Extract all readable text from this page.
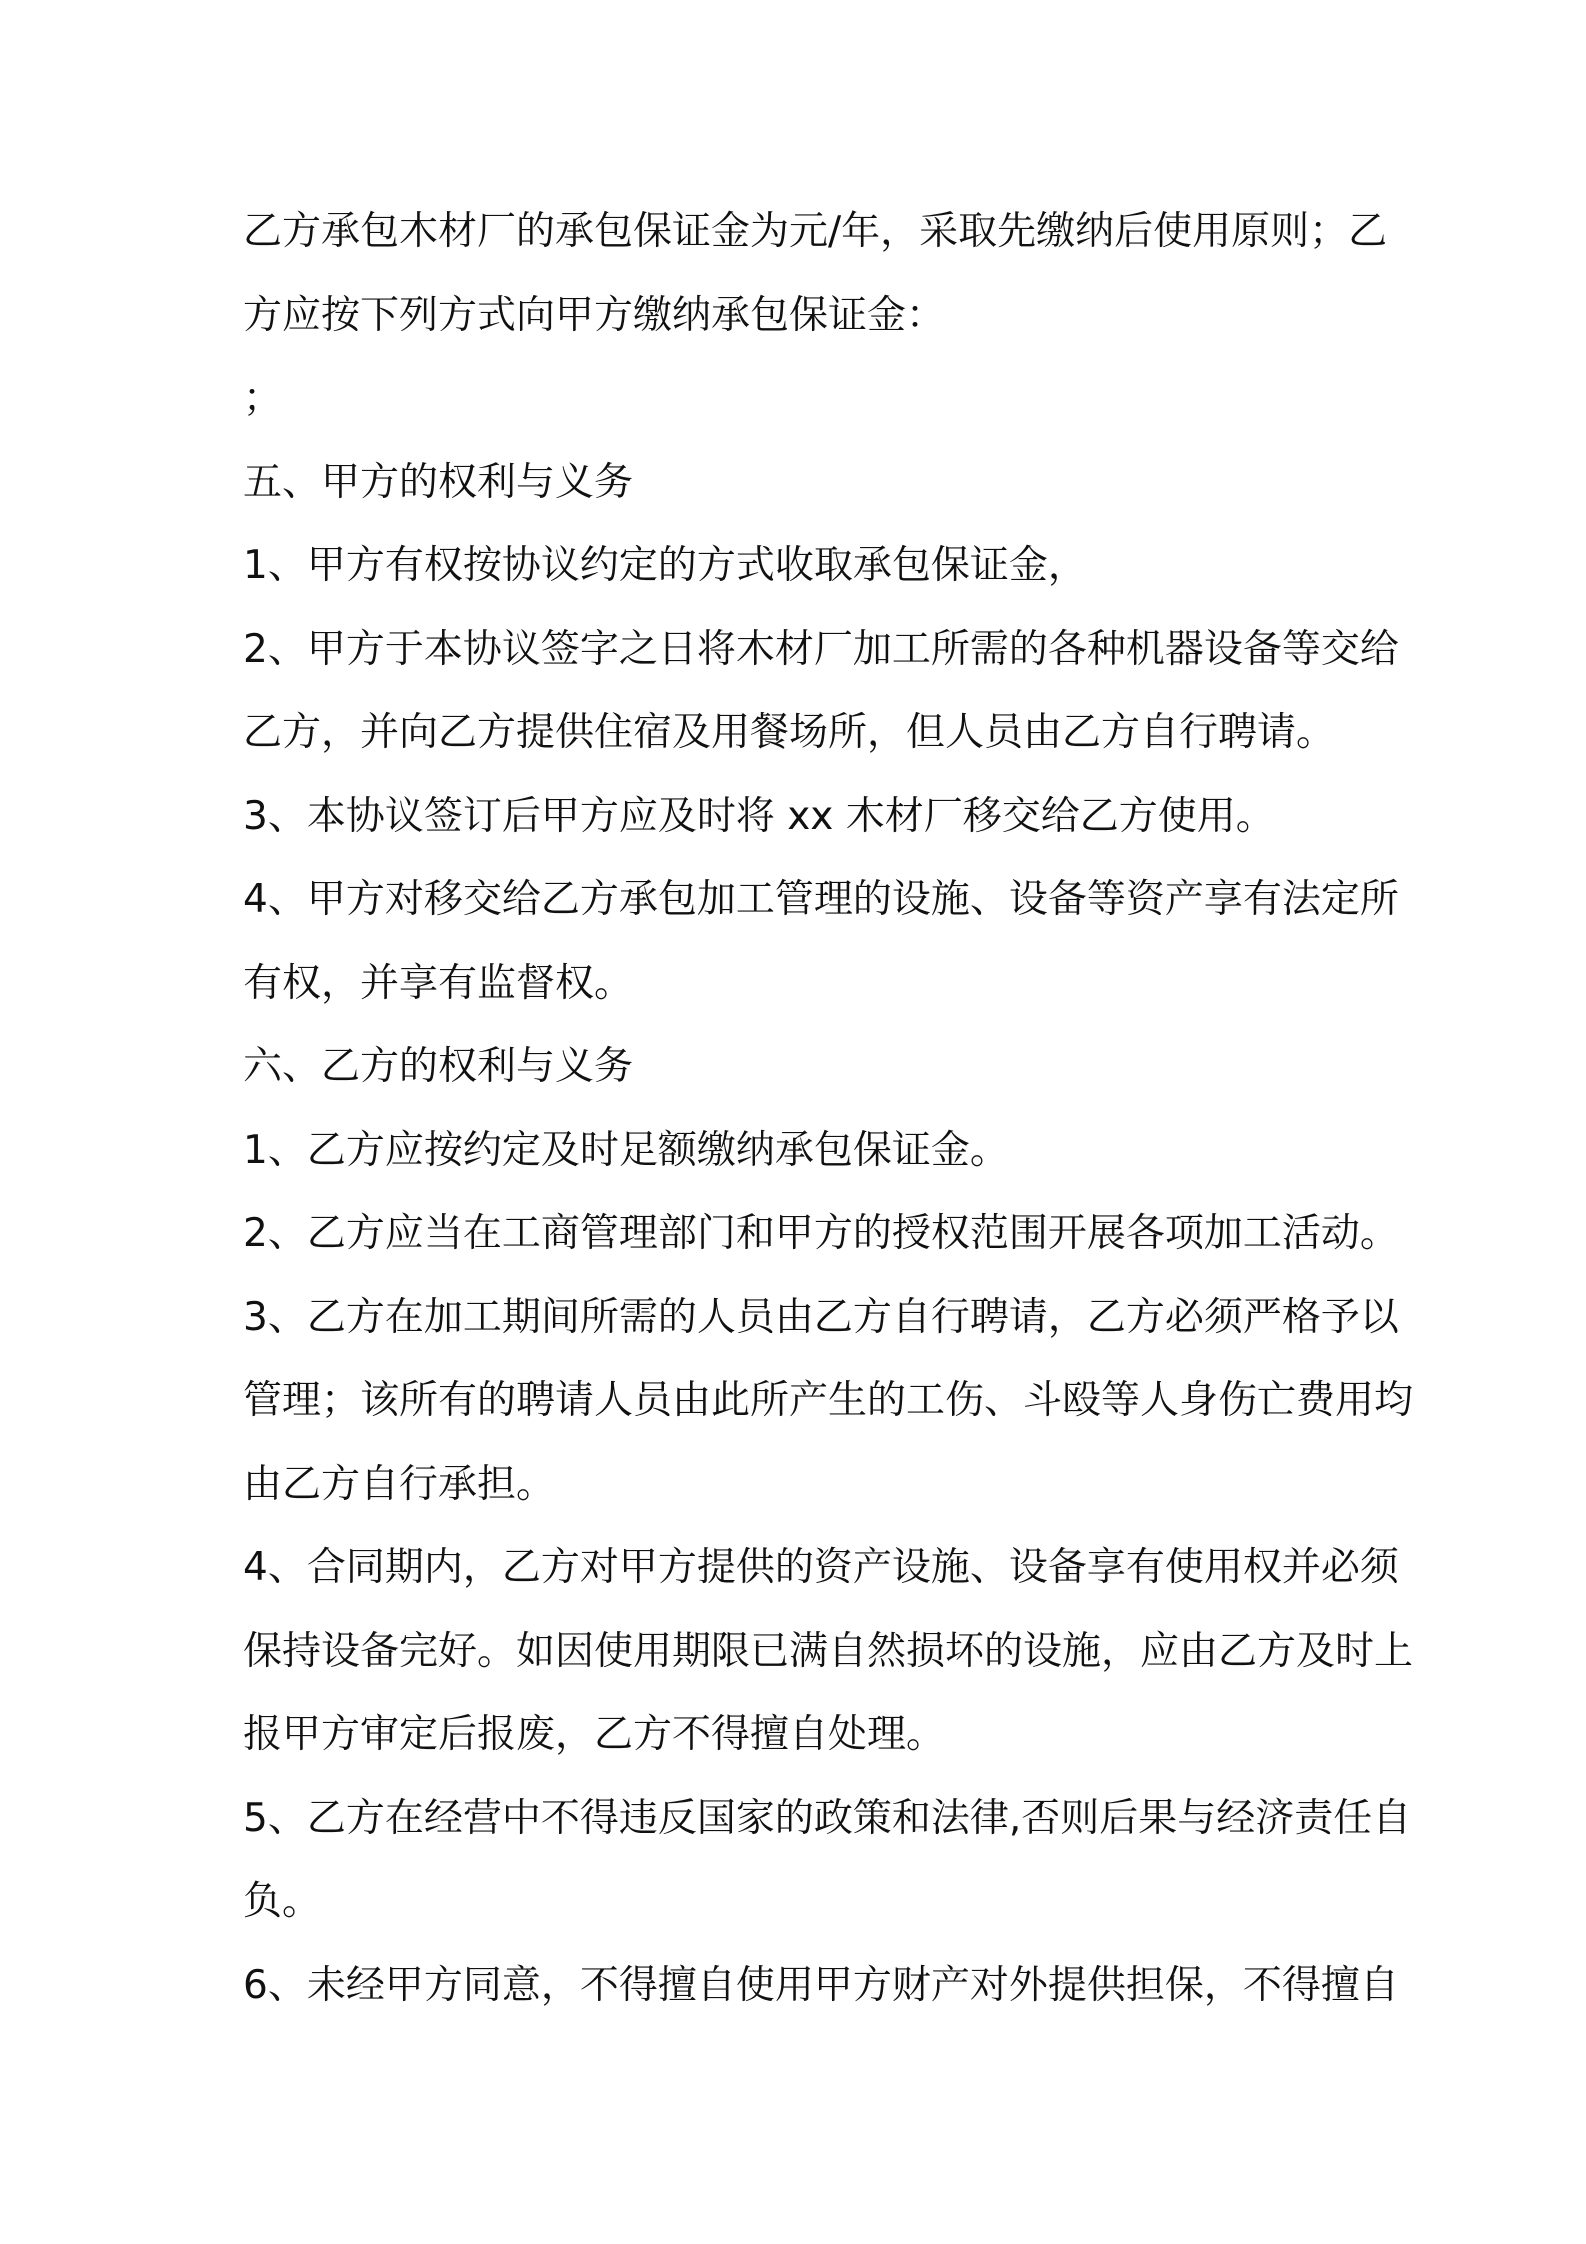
乙方承包木材厂的承包保证金为元/年，采取先缴纳后使用原则；乙
方应按下列方式向甲方缴纳承包保证金：
；
五、甲方的权利与义务
1、甲方有权按协议约定的方式收取承包保证金，
2、甲方于本协议签字之日将木材厂加工所需的各种机器设备等交给
乙方，并向乙方提供住宿及用餐场所，但人员由乙方自行聘请。
3、本协议签订后甲方应及时将 xx 木材厂移交给乙方使用。
4、甲方对移交给乙方承包加工管理的设施、设备等资产享有法定所
有权，并享有监督权。
六、乙方的权利与义务
1、乙方应按约定及时足额缴纳承包保证金。
2、乙方应当在工商管理部门和甲方的授权范围开展各项加工活动。
3、乙方在加工期间所需的人员由乙方自行聘请，乙方必须严格予以
管理；该所有的聘请人员由此所产生的工伤、斗殴等人身伤亡费用均
由乙方自行承担。
4、合同期内，乙方对甲方提供的资产设施、设备享有使用权并必须
保持设备完好。如因使用期限已满自然损坏的设施，应由乙方及时上
报甲方审定后报废，乙方不得擅自处理。
5、乙方在经营中不得违反国家的政策和法律,否则后果与经济责任自
负。
6、未经甲方同意，不得擅自使用甲方财产对外提供担保，不得擅自
